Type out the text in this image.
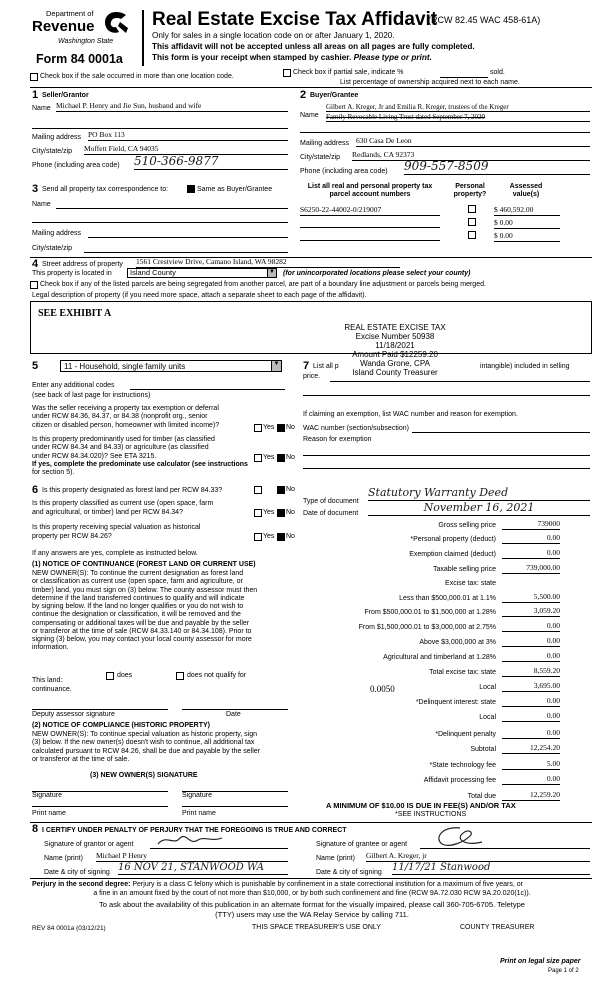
Department of
Revenue
Washington State
Form 84 0001a
Real Estate Excise Tax Affidavit
(RCW 82.45 WAC 458-61A)
Only for sales in a single location code on or after January 1, 2020.
This affidavit will not be accepted unless all areas on all pages are fully completed.
This form is your receipt when stamped by cashier. Please type or print.
Check box if the sale occurred in more than one location code.
Check box if partial sale, indicate %	sold.
List percentage of ownership acquired next to each name.
1 Seller/Grantor
Name Michael P. Henry and Jie Sun, husband and wife
Mailing address PO Box 113
City/state/zip Moffett Field, CA 94035
Phone (including area code) 510-366-9877
2 Buyer/Grantee
Name
Gilbert A. Kreger, Jr and Emilia R. Kreger, trustees of the Kreger
Family Revocable Living Trust dated September 7, 2020
Mailing address 630 Casa De Leon
City/state/zip Redlands, CA 92373
Phone (including area code) 909-557-8509
3 Send all property tax correspondence to:	Same as Buyer/Grantee
Name
Mailing address
City/state/zip
List all real and personal property tax
parcel account numbers
Personal
property?
Assessed
value(s)
S6250-22-44002-0/219007	$ 460,592.00
$ 0.00
$ 0.00
4 Street address of property 1561 Crestview Drive, Camano Island, WA 98282
This property is located in Island County	▼ (for unincorporated locations please select your county)
Check box if any of the listed parcels are being segregated from another parcel, are part of a boundary line adjustment or parcels being merged.
Legal description of property (if you need more space, attach a separate sheet to each page of the affidavit).
SEE EXHIBIT A
REAL ESTATE EXCISE TAX
Excise Number 50938
11/18/2021
Amount Paid $12259.20
Wanda Grone, CPA
Island County Treasurer
5	11 - Household, single family units	▼
Enter any additional codes
(see back of last page for instructions)
Was the seller receiving a property tax exemption or deferral
under RCW 84.36, 84.37, or 84.38 (nonprofit org., senior
citizen or disabled person, homeowner with limited income)?	Yes No
Is this property predominantly used for timber (as classified
under RCW 84.34 and 84.33) or agriculture (as classified
under RCW 84.34.020)? See ETA 3215.
If yes, complete the predominate use calculator (see instructions
for section 5).
Yes No
7 List all p
price.
intangible) included in selling
If claiming an exemption, list WAC number and reason for exemption.
WAC number (section/subsection)
Reason for exemption
6 Is this property designated as forest land per RCW 84.33?	No
Is this property classified as current use (open space, farm
and agricultural, or timber) land per RCW 84.34?	Yes No
Is this property receiving special valuation as historical
property per RCW 84.26?	Yes No
If any answers are yes, complete as instructed below.
(1) NOTICE OF CONTINUANCE (FOREST LAND OR CURRENT USE)
NEW OWNER(S): To continue the current designation as forest land
or classification as current use (open space, farm and agriculture, or
timber) land, you must sign on (3) below. The county assessor must then
determine if the land transferred continues to qualify and will indicate
by signing below. If the land no longer qualifies or you do not wish to
continue the designation or classification, it will be removed and the
compensating or additional taxes will be due and payable by the seller
or transferor at the time of sale (RCW 84.33.140 or 84.34.108). Prior to
signing (3) below, you may contact your local county assessor for more
information.
This land:
does	does not qualify for
continuance.
Deputy assessor signature	Date
(2) NOTICE OF COMPLIANCE (HISTORIC PROPERTY)
NEW OWNER(S): To continue special valuation as historic property, sign
(3) below. If the new owner(s) doesn't wish to continue, all additional tax
calculated pursuant to RCW 84.26, shall be due and payable by the seller
or transferor at the time of sale.
(3) NEW OWNER(S) SIGNATURE
Signature	Signature
Print name	Print name
Type of document
Statutory Warranty Deed
Date of document	November 16, 2021
Gross selling price	739000
*Personal property (deduct)	0.00
Exemption claimed (deduct)	0.00
Taxable selling price	739,000.00
Excise tax: state
Less than $500,000.01 at 1.1%	5,500.00
From $500,000.01 to $1,500,000 at 1.28%	3,059.20
From $1,500,000.01 to $3,000,000 at 2.75%	0.00
Above $3,000,000 at 3%	0.00
Agricultural and timberland at 1.28%	0.00
Total excise tax: state	8,559.20
0.0050	Local	3,695.00
*Delinquent interest: state	0.00
Local	0.00
*Delinquent penalty	0.00
Subtotal	12,254.20
*State technology fee	5.00
Affidavit processing fee	0.00
Total due	12,259.20
A MINIMUM OF $10.00 IS DUE IN FEE(S) AND/OR TAX
*SEE INSTRUCTIONS
8 I CERTIFY UNDER PENALTY OF PERJURY THAT THE FOREGOING IS TRUE AND CORRECT
Signature of grantor or agent
Name (print) Michael P Henry
Date & city of signing 16 NOV 21, STANWOOD WA
Signature of grantee or agent
Name (print) Gilbert A. Kreger, jr
Date & city of signing 11/17/21 Stanwood
Perjury in the second degree: Perjury is a class C felony which is punishable by confinement in a state correctional institution for a maximum of five years, or
a fine in an amount fixed by the court of not more than $10,000, or by both such confinement and fine (RCW 9A.72.030 RCW 9A.20.020(1c)).
To ask about the availability of this publication in an alternate format for the visually impaired, please call 360-705-6705. Teletype
(TTY) users may use the WA Relay Service by calling 711.
REV 84 0001a (03/12/21)	THIS SPACE TREASURER'S USE ONLY	COUNTY TREASURER
Print on legal size paper
Page 1 of 2
